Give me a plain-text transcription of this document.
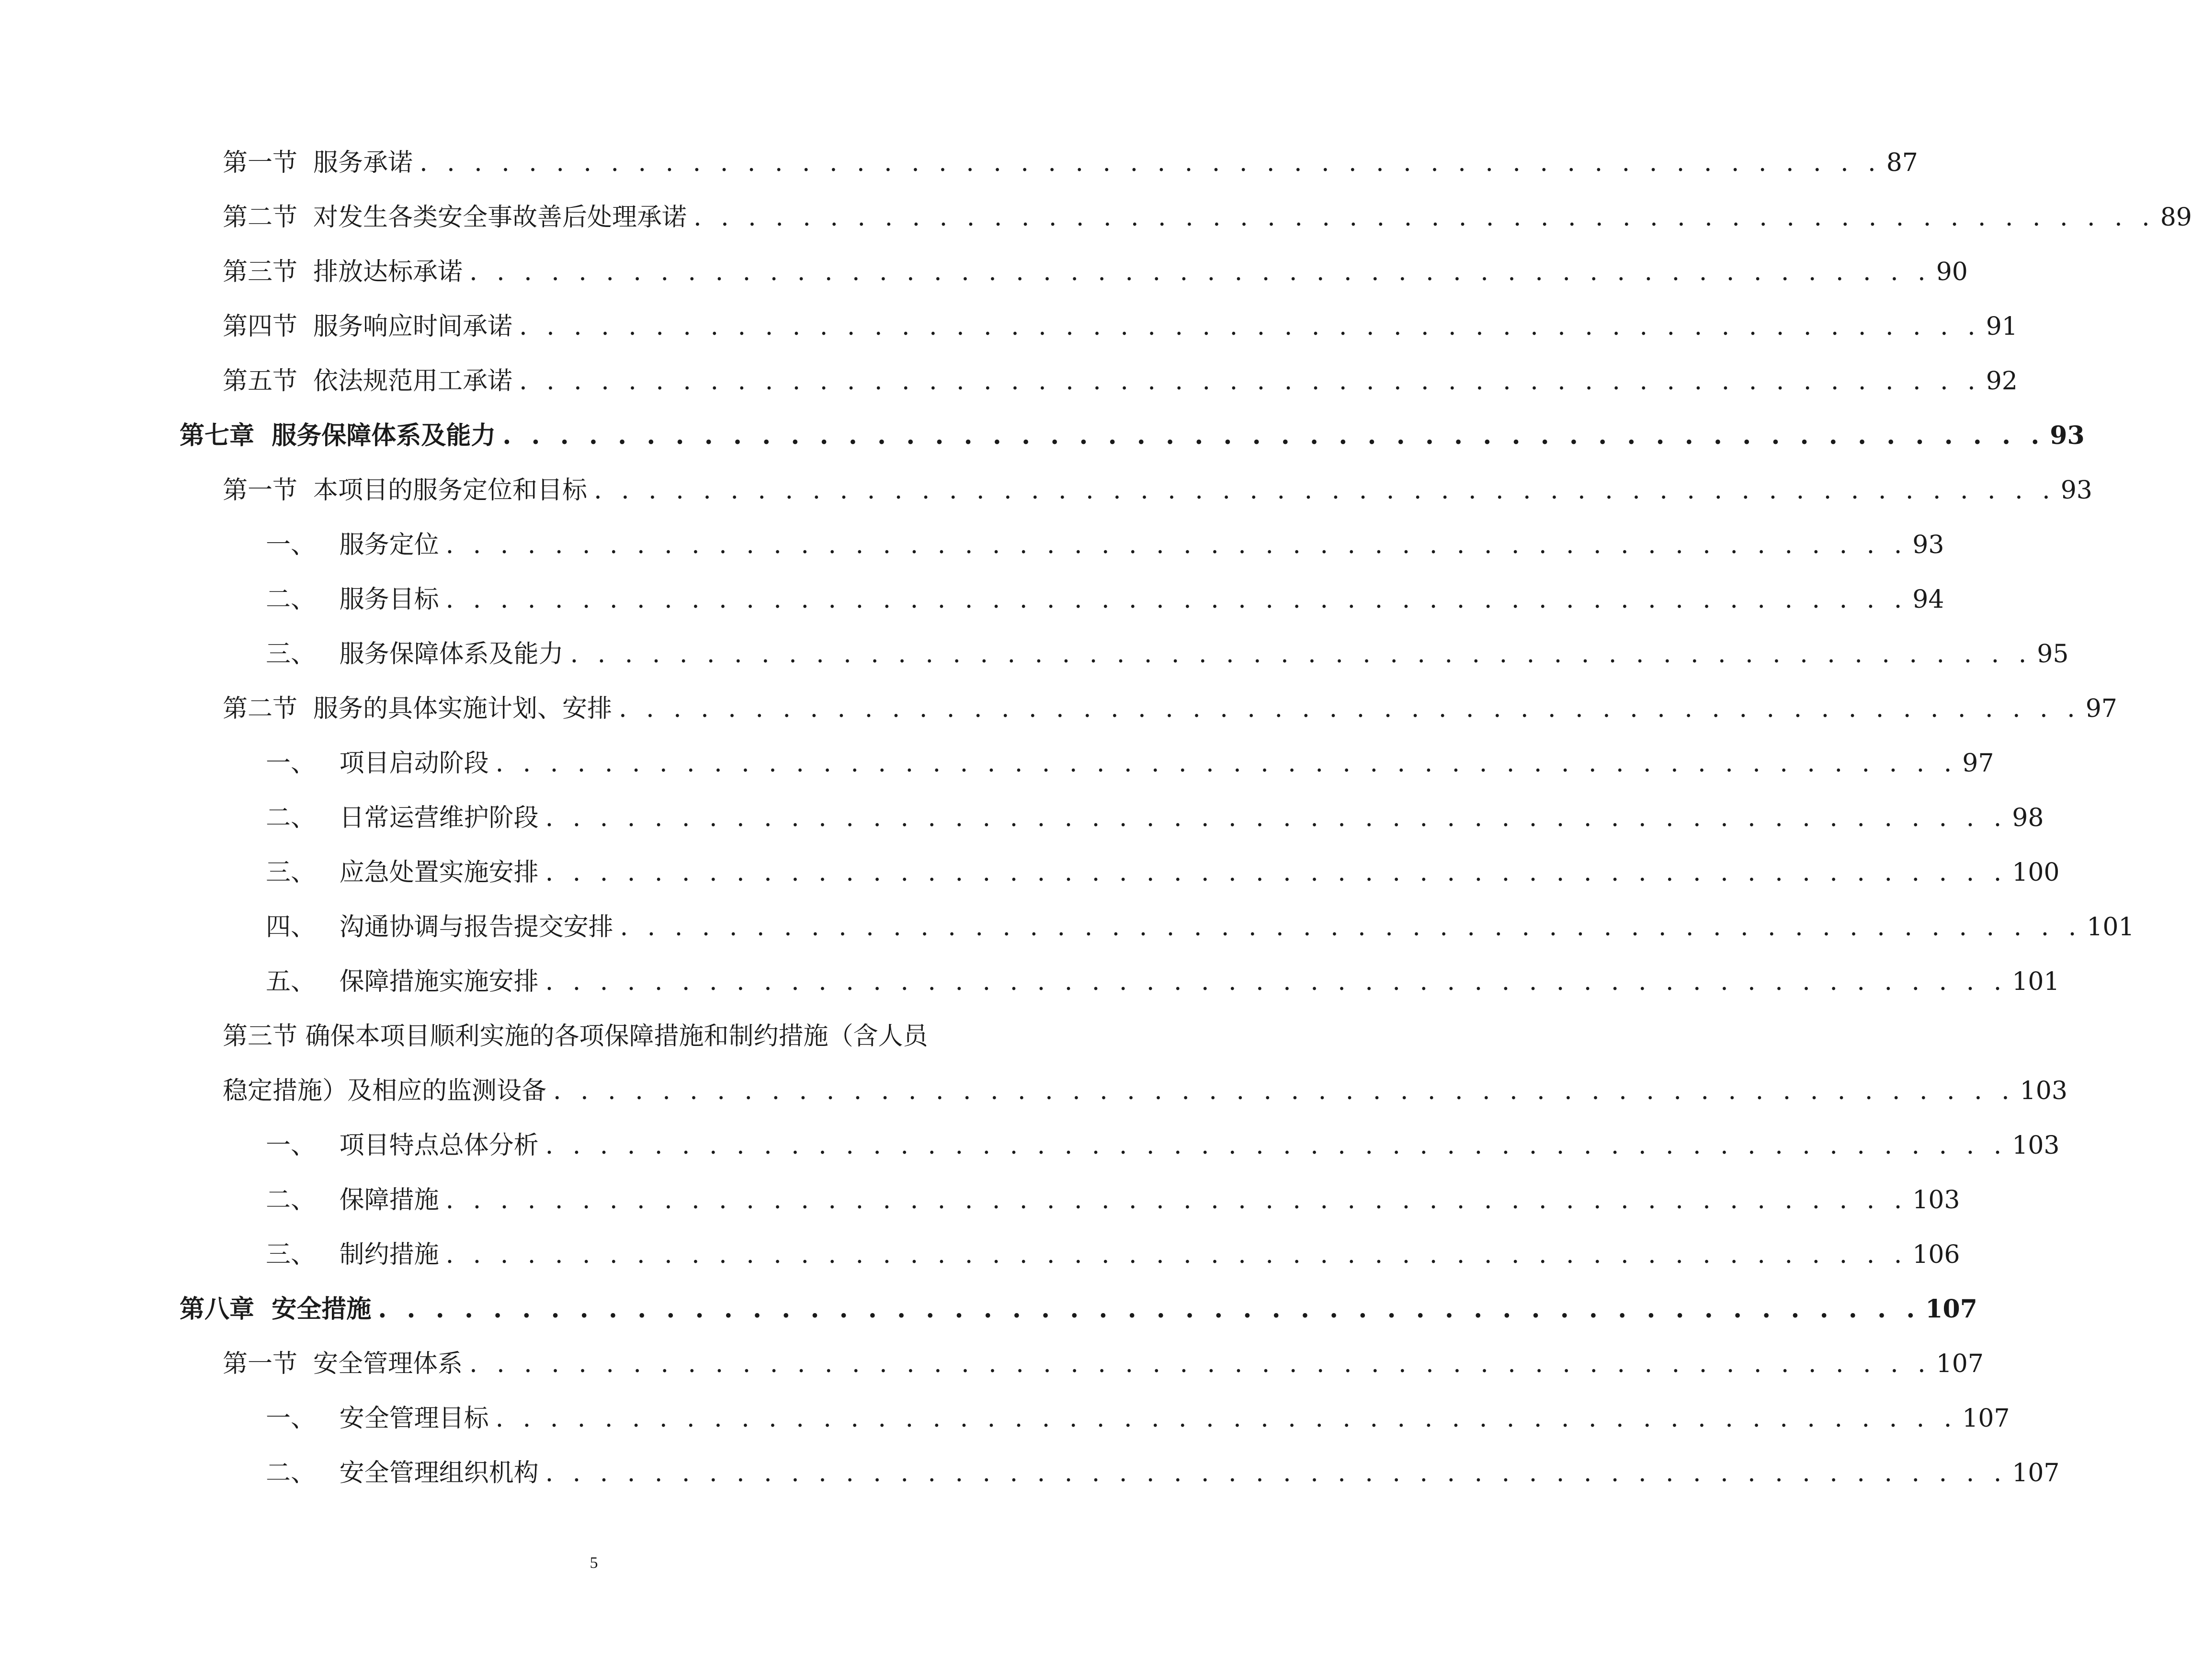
第一节  服务承诺 . . . . . . . . . . . . . . . . . . . . . . . . . . . . . . . . . . . . . . . . . . . . . . . . . . . . . . 87
第二节  对发生各类安全事故善后处理承诺 . . . . . . . . . . . . . . . . . . . . . . . . . . . . . . . . . . . . . . . . . . . . . . . . . . . . . . 89
第三节  排放达标承诺 . . . . . . . . . . . . . . . . . . . . . . . . . . . . . . . . . . . . . . . . . . . . . . . . . . . . . . 90
第四节  服务响应时间承诺 . . . . . . . . . . . . . . . . . . . . . . . . . . . . . . . . . . . . . . . . . . . . . . . . . . . . . . 91
第五节  依法规范用工承诺 . . . . . . . . . . . . . . . . . . . . . . . . . . . . . . . . . . . . . . . . . . . . . . . . . . . . . . 92
第七章  服务保障体系及能力 . . . . . . . . . . . . . . . . . . . . . . . . . . . . . . . . . . . . . . . . . . . . . . . . . . . . . . 93
第一节  本项目的服务定位和目标 . . . . . . . . . . . . . . . . . . . . . . . . . . . . . . . . . . . . . . . . . . . . . . . . . . . . . . 93
一、   服务定位 . . . . . . . . . . . . . . . . . . . . . . . . . . . . . . . . . . . . . . . . . . . . . . . . . . . . . . 93
二、   服务目标 . . . . . . . . . . . . . . . . . . . . . . . . . . . . . . . . . . . . . . . . . . . . . . . . . . . . . . 94
三、   服务保障体系及能力 . . . . . . . . . . . . . . . . . . . . . . . . . . . . . . . . . . . . . . . . . . . . . . . . . . . . . . 95
第二节  服务的具体实施计划、安排 . . . . . . . . . . . . . . . . . . . . . . . . . . . . . . . . . . . . . . . . . . . . . . . . . . . . . . 97
一、   项目启动阶段 . . . . . . . . . . . . . . . . . . . . . . . . . . . . . . . . . . . . . . . . . . . . . . . . . . . . . . 97
二、   日常运营维护阶段 . . . . . . . . . . . . . . . . . . . . . . . . . . . . . . . . . . . . . . . . . . . . . . . . . . . . . . 98
三、   应急处置实施安排 . . . . . . . . . . . . . . . . . . . . . . . . . . . . . . . . . . . . . . . . . . . . . . . . . . . . . . 100
四、   沟通协调与报告提交安排 . . . . . . . . . . . . . . . . . . . . . . . . . . . . . . . . . . . . . . . . . . . . . . . . . . . . . . 101
五、   保障措施实施安排 . . . . . . . . . . . . . . . . . . . . . . . . . . . . . . . . . . . . . . . . . . . . . . . . . . . . . . 101
第三节 确保本项目顺利实施的各项保障措施和制约措施（含人员
稳定措施）及相应的监测设备 . . . . . . . . . . . . . . . . . . . . . . . . . . . . . . . . . . . . . . . . . . . . . . . . . . . . . . 103
一、   项目特点总体分析 . . . . . . . . . . . . . . . . . . . . . . . . . . . . . . . . . . . . . . . . . . . . . . . . . . . . . . 103
二、   保障措施 . . . . . . . . . . . . . . . . . . . . . . . . . . . . . . . . . . . . . . . . . . . . . . . . . . . . . . 103
三、   制约措施 . . . . . . . . . . . . . . . . . . . . . . . . . . . . . . . . . . . . . . . . . . . . . . . . . . . . . . 106
第八章  安全措施 . . . . . . . . . . . . . . . . . . . . . . . . . . . . . . . . . . . . . . . . . . . . . . . . . . . . . . 107
第一节  安全管理体系 . . . . . . . . . . . . . . . . . . . . . . . . . . . . . . . . . . . . . . . . . . . . . . . . . . . . . . 107
一、   安全管理目标 . . . . . . . . . . . . . . . . . . . . . . . . . . . . . . . . . . . . . . . . . . . . . . . . . . . . . . 107
二、   安全管理组织机构 . . . . . . . . . . . . . . . . . . . . . . . . . . . . . . . . . . . . . . . . . . . . . . . . . . . . . . 107
5
